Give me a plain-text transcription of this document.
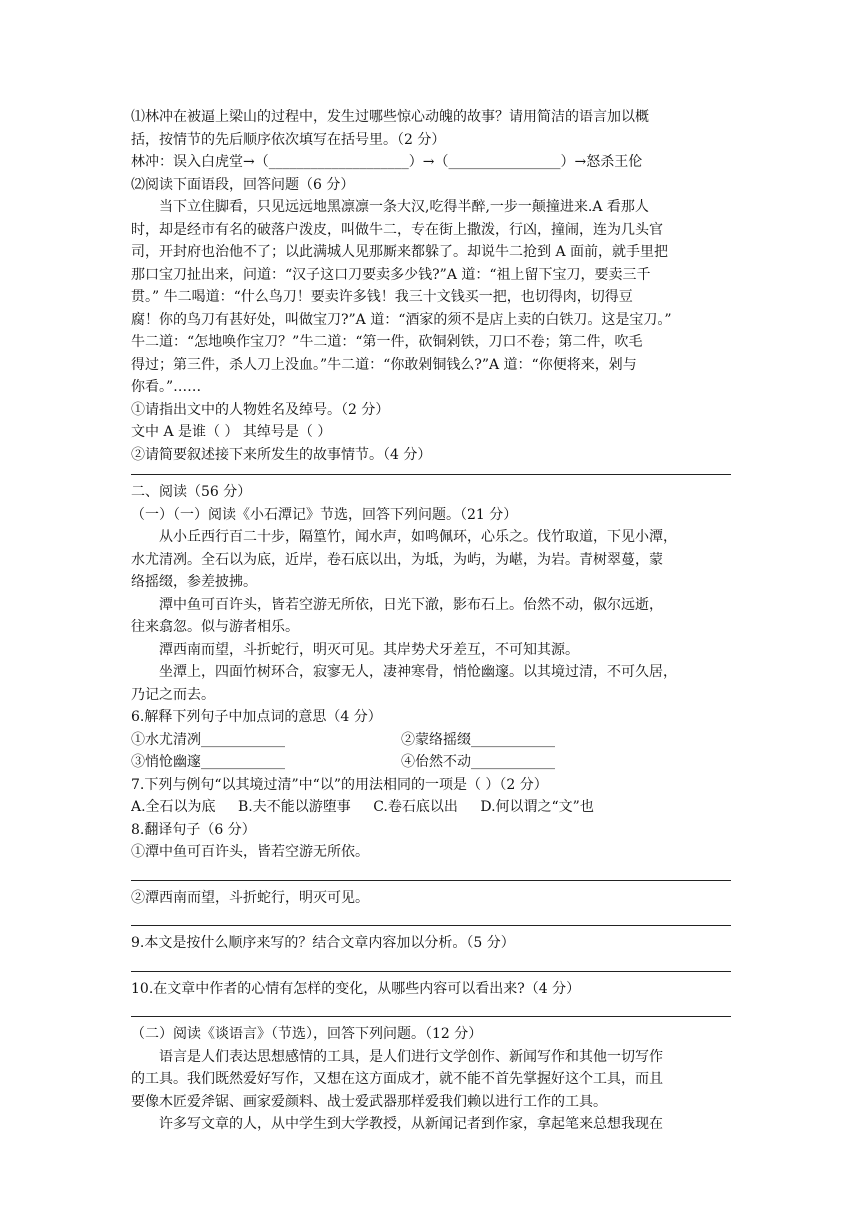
⑴林冲在被逼上梁山的过程中，发生过哪些惊心动魄的故事？请用简洁的语言加以概
括，按情节的先后顺序依次填写在括号里。（2 分）
林冲：误入白虎堂→（____________________）→（________________）→怒杀王伦
⑵阅读下面语段，回答问题（6 分）
当下立住脚看，只见远远地黑凛凛一条大汉,吃得半醉,一步一颠撞进来.A 看那人
时，却是经市有名的破落户泼皮，叫做牛二，专在街上撒泼，行凶，撞闹，连为几头官
司，开封府也治他不了；以此满城人见那厮来都躲了。却说牛二抢到 A 面前，就手里把
那口宝刀扯出来，问道：“汉子这口刀要卖多少钱?”A 道：“祖上留下宝刀，要卖三千
贯。” 牛二喝道：“什么鸟刀！要卖许多钱！我三十文钱买一把，也切得肉，切得豆
腐！你的鸟刀有甚好处，叫做宝刀?”A 道：“酒家的须不是店上卖的白铁刀。这是宝刀。”
牛二道：“怎地唤作宝刀？”牛二道：“第一件，砍铜剁铁，刀口不卷；第二件，吹毛
得过；第三件，杀人刀上没血。”牛二道：“你敢剁铜钱么?”A 道：“你便将来，剁与
你看。”……
①请指出文中的人物姓名及绰号。（2 分）
文中 A 是谁（ ） 其绰号是（ ）
②请简要叙述接下来所发生的故事情节。（4 分）
二、阅读（56 分）
（一）（一）阅读《小石潭记》节选，回答下列问题。（21 分）
从小丘西行百二十步，隔篁竹，闻水声，如鸣佩环，心乐之。伐竹取道，下见小潭，
水尤清冽。全石以为底，近岸，卷石底以出，为坻，为屿，为嵁，为岩。青树翠蔓，蒙
络摇缀，参差披拂。
潭中鱼可百许头，皆若空游无所依，日光下澈，影布石上。佁然不动，俶尔远逝，
往来翕忽。似与游者相乐。
潭西南而望，斗折蛇行，明灭可见。其岸势犬牙差互，不可知其源。
坐潭上，四面竹树环合，寂寥无人，凄神寒骨，悄怆幽邃。以其境过清，不可久居，
乃记之而去。
6.解释下列句子中加点词的意思（4 分）
①水尤清冽____________	②蒙络摇缀____________
③悄怆幽邃____________	④佁然不动____________
7.下列与例句“以其境过清”中“以”的用法相同的一项是（ ）（2 分）
A.全石以为底 B.夫不能以游堕事 C.卷石底以出 D.何以谓之“文”也
8.翻译句子（6 分）
①潭中鱼可百许头，皆若空游无所依。
②潭西南而望，斗折蛇行，明灭可见。
9.本文是按什么顺序来写的？结合文章内容加以分析。（5 分）
10.在文章中作者的心情有怎样的变化，从哪些内容可以看出来?（4 分）
（二）阅读《谈语言》（节选），回答下列问题。（12 分）
语言是人们表达思想感情的工具，是人们进行文学创作、新闻写作和其他一切写作
的工具。我们既然爱好写作，又想在这方面成才，就不能不首先掌握好这个工具，而且
要像木匠爱斧锯、画家爱颜料、战士爱武器那样爱我们赖以进行工作的工具。
许多写文章的人，从中学生到大学教授，从新闻记者到作家，拿起笔来总想我现在
